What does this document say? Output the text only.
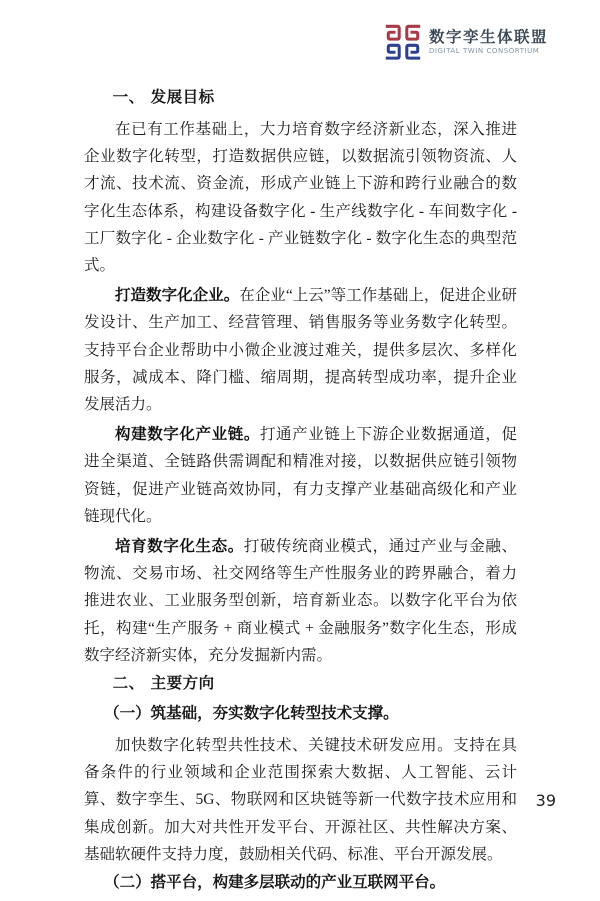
数字孪生体联盟
DIGITAL TWIN CONSORTIUM
一、 发展目标

在已有工作基础上，大力培育数字经济新业态，深入推进企业数字化转型，打造数据供应链，以数据流引领物资流、人才流、技术流、资金流，形成产业链上下游和跨行业融合的数字化生态体系，构建设备数字化 - 生产线数字化 - 车间数字化 - 工厂数字化 - 企业数字化 - 产业链数字化 - 数字化生态的典型范式。

打造数字化企业。在企业“上云”等工作基础上，促进企业研发设计、生产加工、经营管理、销售服务等业务数字化转型。支持平台企业帮助中小微企业渡过难关，提供多层次、多样化服务，减成本、降门槛、缩周期，提高转型成功率，提升企业发展活力。

构建数字化产业链。打通产业链上下游企业数据通道，促进全渠道、全链路供需调配和精准对接，以数据供应链引领物资链，促进产业链高效协同，有力支撑产业基础高级化和产业链现代化。

培育数字化生态。打破传统商业模式，通过产业与金融、物流、交易市场、社交网络等生产性服务业的跨界融合，着力推进农业、工业服务型创新，培育新业态。以数字化平台为依托，构建“生产服务 + 商业模式 + 金融服务”数字化生态，形成数字经济新实体，充分发掘新内需。

二、 主要方向
（一）筑基础，夯实数字化转型技术支撑。

加快数字化转型共性技术、关键技术研发应用。支持在具备条件的行业领域和企业范围探索大数据、人工智能、云计算、数字孪生、5G、物联网和区块链等新一代数字技术应用和集成创新。加大对共性开发平台、开源社区、共性解决方案、基础软硬件支持力度，鼓励相关代码、标准、平台开源发展。

（二）搭平台，构建多层联动的产业互联网平台。
39
